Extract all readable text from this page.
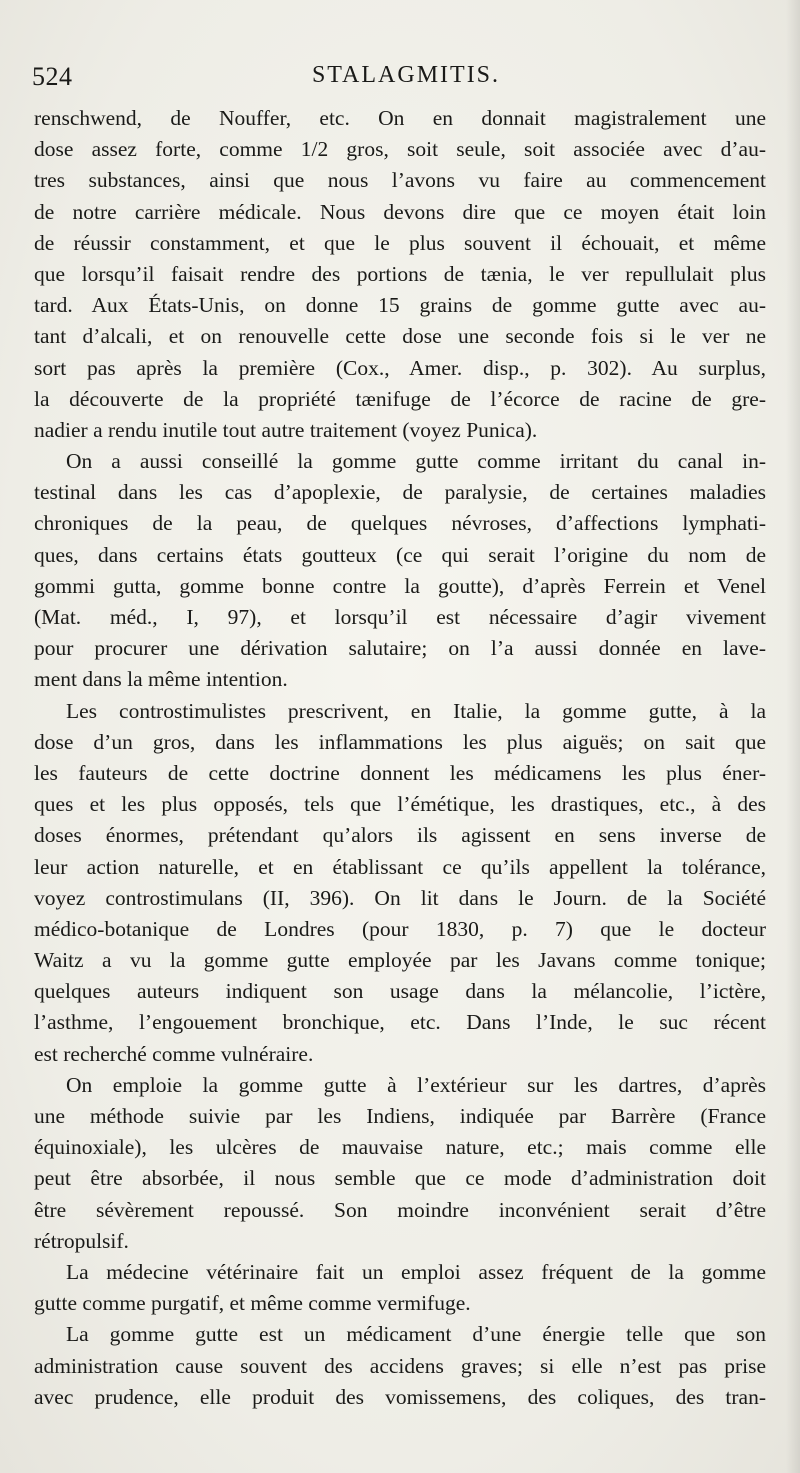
524	STALAGMITIS.
renschwend, de Nouffer, etc. On en donnait magistralement une
dose assez forte, comme 1/2 gros, soit seule, soit associée avec d’au-
tres substances, ainsi que nous l’avons vu faire au commencement
de notre carrière médicale. Nous devons dire que ce moyen était loin
de réussir constamment, et que le plus souvent il échouait, et même
que lorsqu’il faisait rendre des portions de tænia, le ver repullulait plus
tard. Aux États-Unis, on donne 15 grains de gomme gutte avec au-
tant d’alcali, et on renouvelle cette dose une seconde fois si le ver ne
sort pas après la première (Cox., Amer. disp., p. 302). Au surplus,
la découverte de la propriété tænifuge de l’écorce de racine de gre-
nadier a rendu inutile tout autre traitement (voyez Punica).
On a aussi conseillé la gomme gutte comme irritant du canal in-
testinal dans les cas d’apoplexie, de paralysie, de certaines maladies
chroniques de la peau, de quelques névroses, d’affections lymphati-
ques, dans certains états goutteux (ce qui serait l’origine du nom de
gommi gutta, gomme bonne contre la goutte), d’après Ferrein et Venel
(Mat. méd., I, 97), et lorsqu’il est nécessaire d’agir vivement
pour procurer une dérivation salutaire; on l’a aussi donnée en lave-
ment dans la même intention.
Les controstimulistes prescrivent, en Italie, la gomme gutte, à la
dose d’un gros, dans les inflammations les plus aiguës; on sait que
les fauteurs de cette doctrine donnent les médicamens les plus éner-
ques et les plus opposés, tels que l’émétique, les drastiques, etc., à des
doses énormes, prétendant qu’alors ils agissent en sens inverse de
leur action naturelle, et en établissant ce qu’ils appellent la tolérance,
voyez controstimulans (II, 396). On lit dans le Journ. de la Société
médico-botanique de Londres (pour 1830, p. 7) que le docteur
Waitz a vu la gomme gutte employée par les Javans comme tonique;
quelques auteurs indiquent son usage dans la mélancolie, l’ictère,
l’asthme, l’engouement bronchique, etc. Dans l’Inde, le suc récent
est recherché comme vulnéraire.
On emploie la gomme gutte à l’extérieur sur les dartres, d’après
une méthode suivie par les Indiens, indiquée par Barrère (France
équinoxiale), les ulcères de mauvaise nature, etc.; mais comme elle
peut être absorbée, il nous semble que ce mode d’administration doit
être sévèrement repoussé. Son moindre inconvénient serait d’être
rétropulsif.
La médecine vétérinaire fait un emploi assez fréquent de la gomme
gutte comme purgatif, et même comme vermifuge.
La gomme gutte est un médicament d’une énergie telle que son
administration cause souvent des accidens graves; si elle n’est pas prise
avec prudence, elle produit des vomissemens, des coliques, des tran-
